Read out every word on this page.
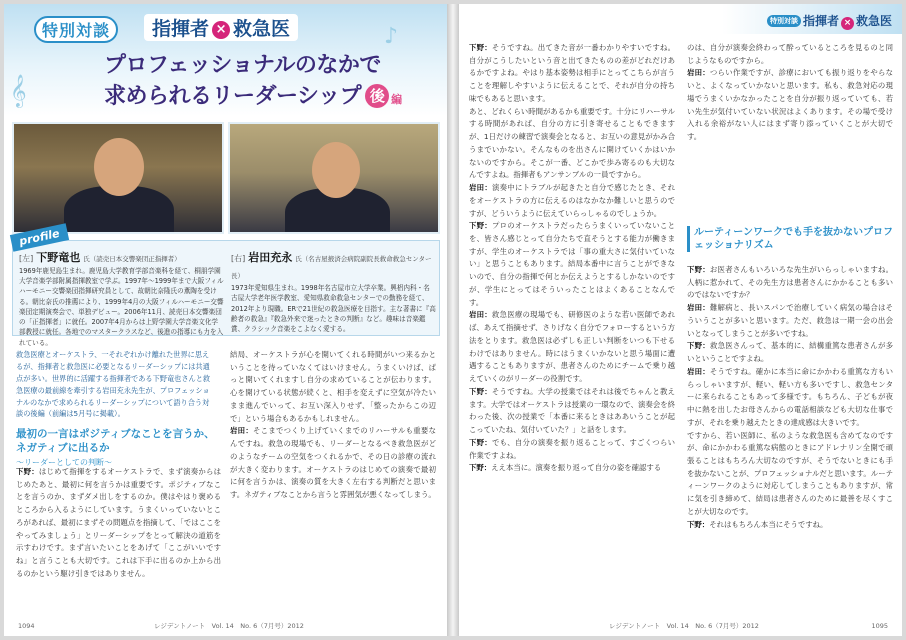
♪
𝄞
特別対談	指揮者 × 救急医
プロフェッショナルのなかで
求められるリーダーシップ 後 編
profile
[左] 下野竜也 氏（読売日本交響楽団正指揮者）
1969年鹿児島生まれ。鹿児島大学教育学部音楽科を経て、桐朋学園大学音楽学部附属指揮教室で学ぶ。1997年〜1999年まで大阪フィルハーモニー交響楽団指揮研究員として、故朝比奈隆氏の薫陶を受ける。朝比奈氏の推薦により、1999年4月の大阪フィルハーモニー交響楽団定期演奏会で、単独デビュー。2006年11月、読売日本交響楽団の「正指揮者」に就任。2007年4月からは上野学園大学音楽文化学部教授に就任。各地でのマスタークラスなど、後進の指導にも力を入れている。
[右] 岩田充永 氏（名古屋掖済会病院副院長救命救急センター長）
1973年愛知県生まれ。1998年名古屋市立大学卒業。興梠内科・名古屋大学老年医学教室、愛知県救命救急センターでの勤務を経て、2012年より現職。ERで21世紀の救急医療を目指す。主な著書に『高齢者の救急』『救急外来で迷ったときの判断』など。趣味は音楽鑑賞、クラシック音楽をこよなく愛する。
救急医療とオーケストラ、一それぞれかけ離れた世界に思えるが、指揮者と救急医に必要となるリーダーシップには共通点が多い。世界的に活躍する指揮者である下野竜也さんと救急医療の最前線を牽引する岩田充永先生が、プロフェッショナルのなかで求められるリーダーシップについて語り合う対談の後編（前編は5月号に掲載）。
最初の一言はポジティブなことを言うか、ネガティブに出るか
〜リーダーとしての判断〜

下野：はじめて指揮をするオーケストラで、まず演奏からはじめたあと、最初に何を言うかは重要です。ポジティブなことを言うのか、まずダメ出しをするのか。僕はやはり褒めるところから入るようにしています。うまくいっていないところがあれば、最初にまずその問題点を指摘して、「ではここをやってみましょう」とリーダーシップをとって解決の道筋を示すわけです。まず言いたいことをあげて「ここがいいですね」と言うことも大切です。これは下手に出るのか上から出るのかという駆け引きではありません。

結局、オーケストラが心を開いてくれる時間がいつ来るかということを待っていなくてはいけません。うまくいけば、ぱっと開いてくれますし自分の求めていることが伝わります。心を開けている状態が続くと、相手を変えずに空気が冷たいまま進んでいって、お互い深入りせず、「整ったからこの辺で」という場合もあるかもしれません。

岩田：そこまでつくり上げていくまでのリハーサルも重要なんですね。救急の現場でも、リーダーとなるべき救急医がどのようなチームの空気をつくれるかで、その日の診療の流れが大きく変わります。オーケストラのはじめての演奏で最初に何を言うかは、演奏の質を大きく左右する判断だと思います。ネガティブなことから言うと雰囲気が悪くなってしまう。

1094	レジデントノート　Vol. 14　No. 6（7月号）2012
特別対談 指揮者 × 救急医

下野：そうですね。出てきた音が一番わかりやすいですね。自分がこうしたいという音と出てきたものの差がどれだけあるかですよね。やはり基本姿勢は相手にとってこちらが言うことを理解しやすいように伝えることで、それが自分の持ち味でもあると思います。

あと、どれくらい時間があるかも重要です。十分にリハーサルする時間があれば、自分の方に引き寄せることもできますが、1日だけの練習で演奏会となると、お互いの意見がかみ合うまでいかない。そんなものを出さんに開けていくかはいかないのですから。そこが一番、どこかで歩み寄るのも大切なんですよね。指揮者もアンサンブルの一員ですから。

岩田：演奏中にトラブルが起きたと自分で感じたとき、それをオーケストラの方に伝えるのはなかなか難しいと思うのですが、どういうように伝えていらっしゃるのでしょうか。

下野：プロのオーケストラだったらうまくいっていないことを、皆さん感じとって自分たちで直そうとする能力が働きますが、学生のオーケストラでは「事の重大さに気付いていない」と思うこともあります。結局本番中に言うことができないので、自分の指揮で何とか伝えようとするしかないのですが、学生にとってはそういったことはよくあることなんです。

岩田：救急医療の現場でも、研修医のような若い医師であれば、あえて指摘せず、さりげなく自分でフォローするという方法をとります。救急医は必ずしも正しい判断をいつも下せるわけではありません。時にはうまくいかないと思う場面に遭遇することもありますが、患者さんのためにチームで乗り越えていくのがリーダーの役割です。

下野：そうですね。大学の授業ではそれは後でちゃんと教えます。大学ではオーケストラは授業の一環なので、演奏会を終わった後、次の授業で「本番に来るときはああいうことが起こっていたね、気付いていた？」と話をします。

下野：でも、自分の演奏を振り返ることって、すごくつらい作業ですよね。

下野：ええ本当に。演奏を振り返って自分の姿を確認する

のは、自分が演奏会終わって酔っているところを見るのと同じようなものですから。

岩田：つらい作業ですが、診療においても振り返りをやらないと、よくなっていかないと思います。私も、救急対応の現場でうまくいかなかったことを自分が振り返っていても、若い先生が気付いていない状況はよくあります。その場で受け入れる余裕がない人にはまず寄り添っていくことが大切です。

ルーティーンワークでも手を抜かないプロフェッショナリズム

下野：お医者さんもいろいろな先生がいらっしゃいますね。人柄に惹かれて、その先生方は患者さんにかかることも多いのではないですか？

岩田：難解病と、長いスパンで治療していく病気の場合はそういうことが多いと思います。ただ、救急は一期一会の出会いとなってしまうことが多いですね。

下野：救急医さんって、基本的に、結構重篤な患者さんが多いということですよね。

岩田：そうですね。確かに本当に命にかかわる重篤な方もいらっしゃいますが、軽い、軽い方も多いですし、救急センターに来られることもあって多様です。もちろん、子どもが夜中に熱を出したお母さんからの電話相談なども大切な仕事ですが、それを乗り越えたときの達成感は大きいです。

ですから、若い医師に、私のような救急医も含めてなのですが、命にかかわる重篤な病態のときにアドレナリン全開で頑張ることはもちろん大切なのですが、そうでないときにも手を抜かないことが、プロフェッショナルだと思います。ルーティーンワークのように対応してしまうこともありますが、常に気を引き締めて、結局は患者さんのために最善を尽くすことが大切なのです。

下野：それはもちろん本当にそうですね。

レジデントノート　Vol. 14　No. 6（7月号）2012	1095
